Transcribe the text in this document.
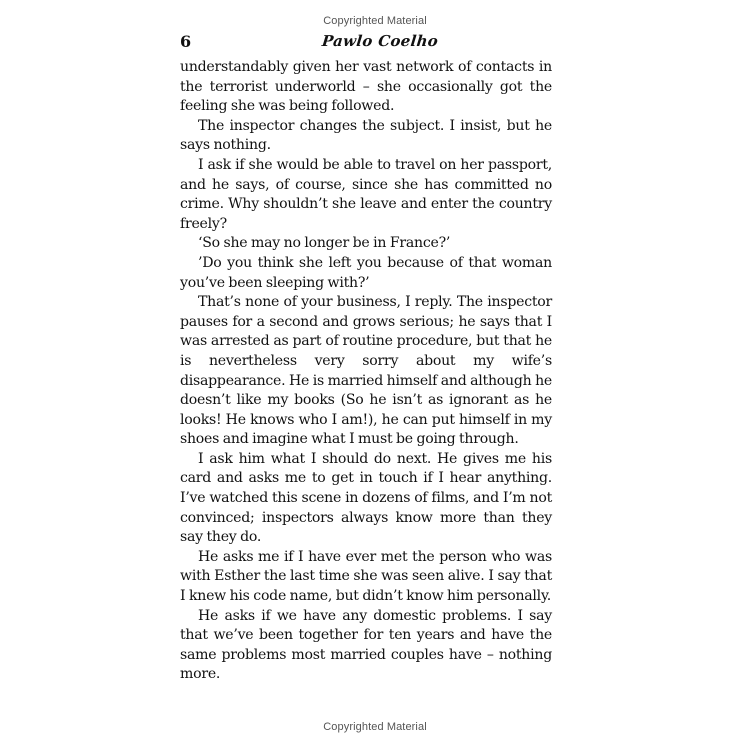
Copyrighted Material
6	Pawlo Coelho

understandably given her vast network of contacts in the terrorist underworld – she occasionally got the feeling she was being followed.

The inspector changes the subject. I insist, but he says nothing.

I ask if she would be able to travel on her passport, and he says, of course, since she has committed no crime. Why shouldn’t she leave and enter the country freely?

‘So she may no longer be in France?’

’Do you think she left you because of that woman you’ve been sleeping with?’

That’s none of your business, I reply. The inspector pauses for a second and grows serious; he says that I was arrested as part of routine procedure, but that he is nevertheless very sorry about my wife’s disappearance. He is married himself and although he doesn’t like my books (So he isn’t as ignorant as he looks! He knows who I am!), he can put himself in my shoes and imagine what I must be going through.

I ask him what I should do next. He gives me his card and asks me to get in touch if I hear anything. I’ve watched this scene in dozens of films, and I’m not convinced; inspectors always know more than they say they do.

He asks me if I have ever met the person who was with Esther the last time she was seen alive. I say that I knew his code name, but didn’t know him personally.

He asks if we have any domestic problems. I say that we’ve been together for ten years and have the same problems most married couples have – nothing more.

Copyrighted Material
